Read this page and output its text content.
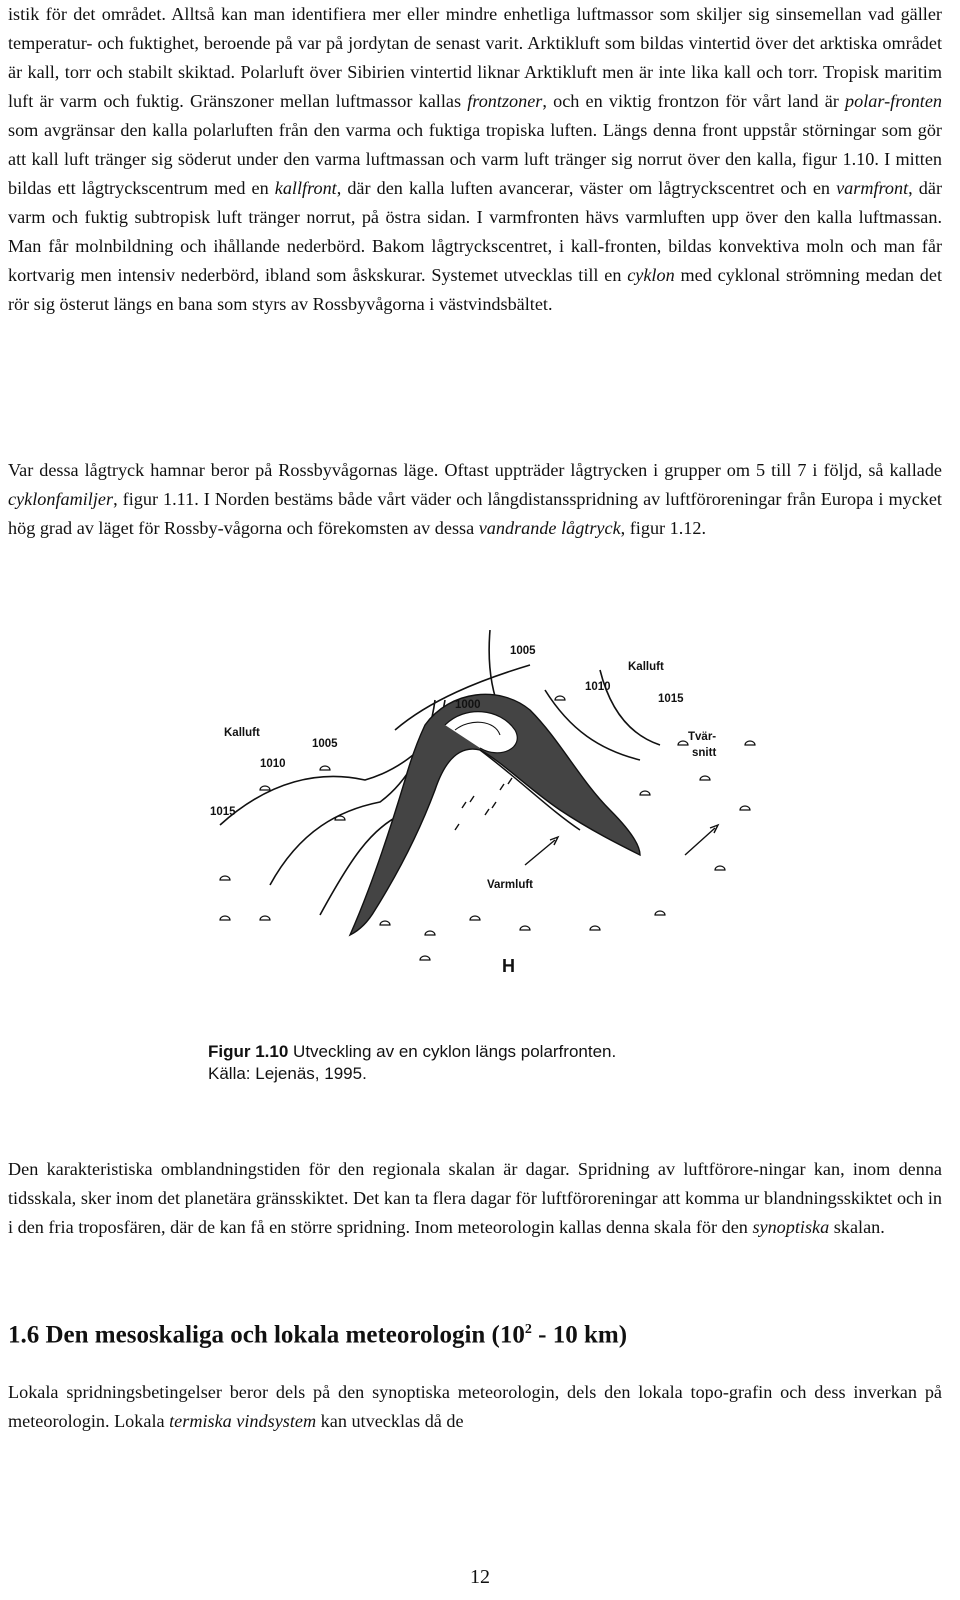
istik för det området. Alltså kan man identifiera mer eller mindre enhetliga luftmassor som skiljer sig sinsemellan vad gäller temperatur- och fuktighet, beroende på var på jordytan de senast varit. Arktikluft som bildas vintertid över det arktiska området är kall, torr och stabilt skiktad. Polarluft över Sibirien vintertid liknar Arktikluft men är inte lika kall och torr. Tropisk maritim luft är varm och fuktig. Gränszoner mellan luftmassor kallas frontzoner, och en viktig frontzon för vårt land är polar-fronten som avgränsar den kalla polarluften från den varma och fuktiga tropiska luften. Längs denna front uppstår störningar som gör att kall luft tränger sig söderut under den varma luftmassan och varm luft tränger sig norrut över den kalla, figur 1.10. I mitten bildas ett lågtryckscentrum med en kallfront, där den kalla luften avancerar, väster om lågtryckscentret och en varmfront, där varm och fuktig subtropisk luft tränger norrut, på östra sidan. I varmfronten hävs varmluften upp över den kalla luftmassan. Man får molnbildning och ihållande nederbörd. Bakom lågtryckscentret, i kall-fronten, bildas konvektiva moln och man får kortvarig men intensiv nederbörd, ibland som åskskurar. Systemet utvecklas till en cyklon med cyklonal strömning medan det rör sig österut längs en bana som styrs av Rossbyvågorna i västvindsbältet.

Var dessa lågtryck hamnar beror på Rossbyvågornas läge. Oftast uppträder lågtrycken i grupper om 5 till 7 i följd, så kallade cyklonfamiljer, figur 1.11. I Norden bestäms både vårt väder och långdistansspridning av luftföroreningar från Europa i mycket hög grad av läget för Rossby-vågorna och förekomsten av dessa vandrande lågtryck, figur 1.12.

Kalluft
1005
1010
1015
1000
1005
1010
1015
Kalluft
Tvär-
snitt
Varmluft
H
Figur 1.10 Utveckling av en cyklon längs polarfronten.
Källa: Lejenäs, 1995.

Den karakteristiska omblandningstiden för den regionala skalan är dagar. Spridning av luftförore-ningar kan, inom denna tidsskala, sker inom det planetära gränsskiktet. Det kan ta flera dagar för luftföroreningar att komma ur blandningsskiktet och in i den fria troposfären, där de kan få en större spridning. Inom meteorologin kallas denna skala för den synoptiska skalan.

1.6 Den mesoskaliga och lokala meteorologin ($10^2 - 10$ km)

Lokala spridningsbetingelser beror dels på den synoptiska meteorologin, dels den lokala topo-grafin och dess inverkan på meteorologin. Lokala termiska vindsystem kan utvecklas då de

12
